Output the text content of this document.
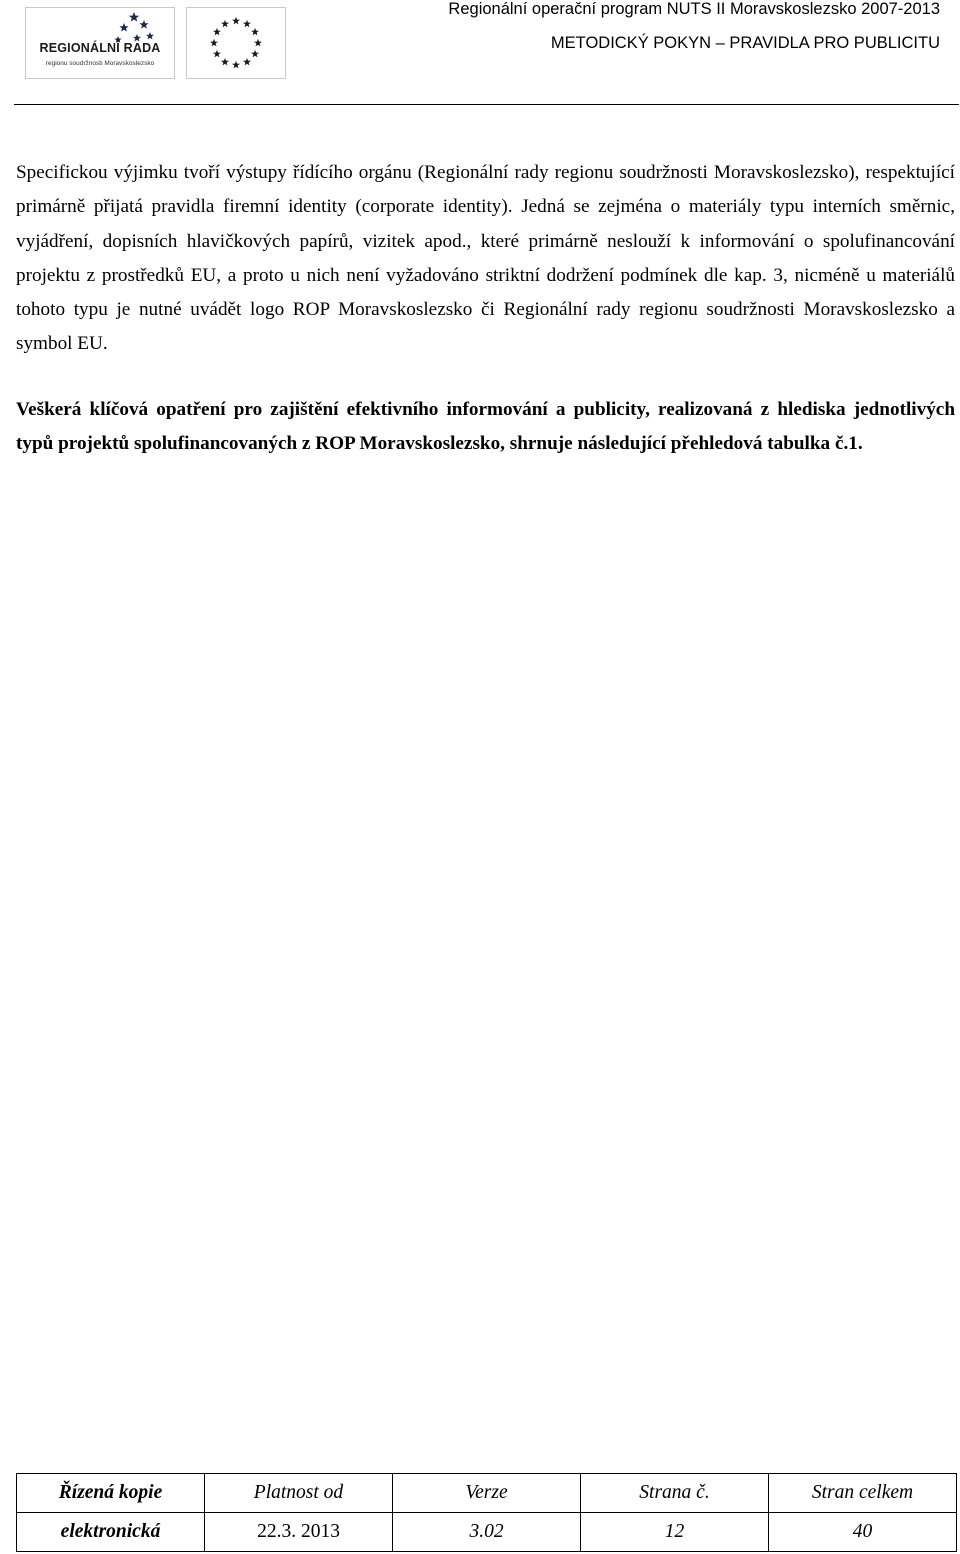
REGIONÁLNÍ RADA
regionu soudržnosti Moravskoslezsko
Regionální operační program NUTS II Moravskoslezsko 2007-2013
METODICKÝ POKYN – PRAVIDLA PRO PUBLICITU

Specifickou výjimku tvoří výstupy řídícího orgánu (Regionální rady regionu soudržnosti Moravskoslezsko), respektující primárně přijatá pravidla firemní identity (corporate identity). Jedná se zejména o materiály typu interních směrnic, vyjádření, dopisních hlavičkových papírů, vizitek apod., které primárně neslouží k informování o spolufinancování projektu z prostředků EU, a proto u nich není vyžadováno striktní dodržení podmínek dle kap. 3, nicméně u materiálů tohoto typu je nutné uvádět logo ROP Moravskoslezsko či Regionální rady regionu soudržnosti Moravskoslezsko a symbol EU.

Veškerá klíčová opatření pro zajištění efektivního informování a publicity, realizovaná z hlediska jednotlivých typů projektů spolufinancovaných z ROP Moravskoslezsko, shrnuje následující přehledová tabulka č.1.

Řízená kopie	Platnost od	Verze	Strana č.	Stran celkem
elektronická	22.3. 2013	3.02	12	40
